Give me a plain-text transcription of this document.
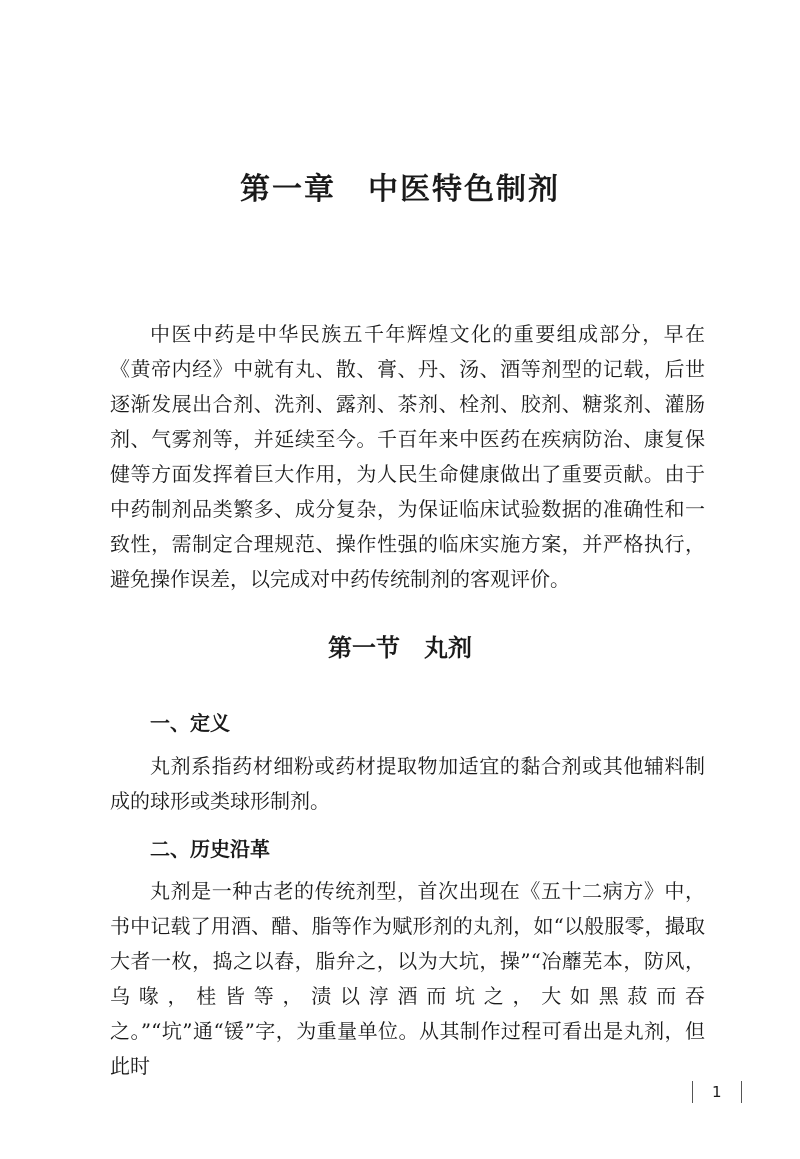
第一章　中医特色制剂

中医中药是中华民族五千年辉煌文化的重要组成部分，早在《黄帝内经》中就有丸、散、膏、丹、汤、酒等剂型的记载，后世逐渐发展出合剂、洗剂、露剂、茶剂、栓剂、胶剂、糖浆剂、灌肠剂、气雾剂等，并延续至今。千百年来中医药在疾病防治、康复保健等方面发挥着巨大作用，为人民生命健康做出了重要贡献。由于中药制剂品类繁多、成分复杂，为保证临床试验数据的准确性和一致性，需制定合理规范、操作性强的临床实施方案，并严格执行，避免操作误差，以完成对中药传统制剂的客观评价。

第一节　丸剂
一、定义

丸剂系指药材细粉或药材提取物加适宜的黏合剂或其他辅料制成的球形或类球形制剂。

二、历史沿革

丸剂是一种古老的传统剂型，首次出现在《五十二病方》中，书中记载了用酒、醋、脂等作为赋形剂的丸剂，如“以般服零，撮取大者一枚，捣之以舂，脂弁之，以为大坑，操”“冶蘼芜本，防风，乌喙，桂皆等，渍以淳酒而坑之，大如黑菽而吞之。”“坑”通“锾”字，为重量单位。从其制作过程可看出是丸剂，但此时

1
